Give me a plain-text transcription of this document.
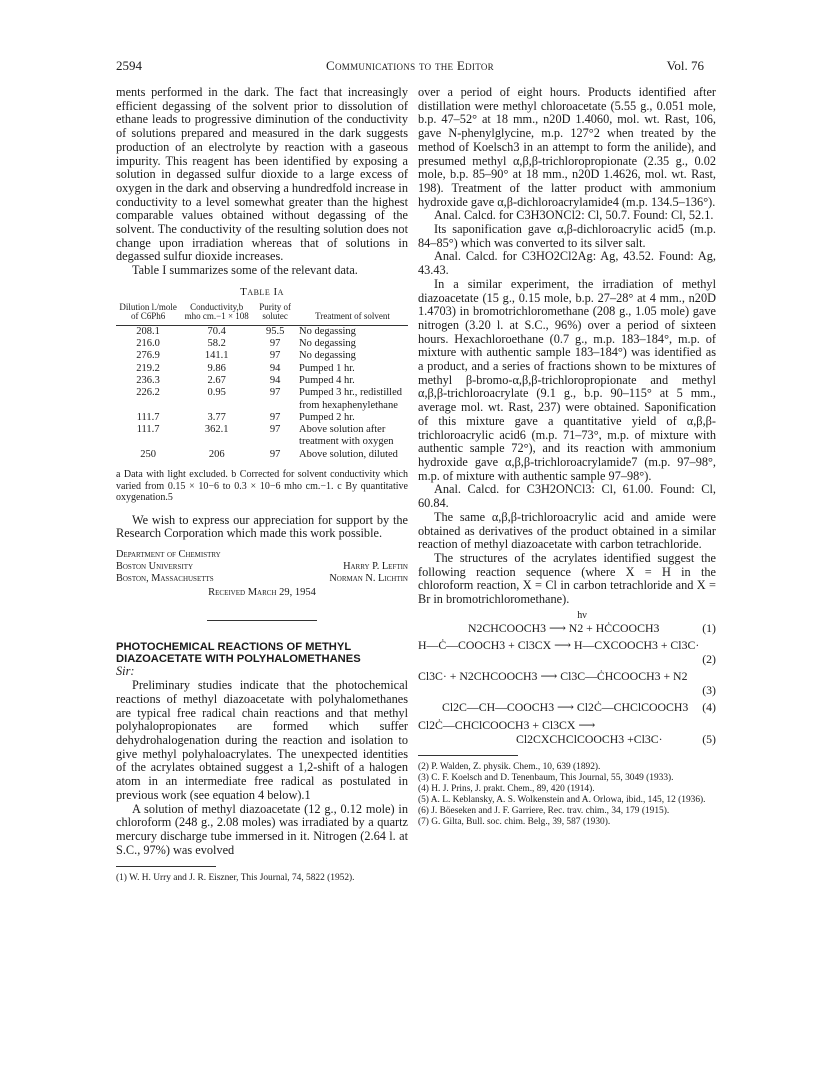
2594	Communications to the Editor	Vol. 76

ments performed in the dark. The fact that increasingly efficient degassing of the solvent prior to dissolution of ethane leads to progressive diminution of the conductivity of solutions prepared and measured in the dark suggests production of an electrolyte by reaction with a gaseous impurity. This reagent has been identified by exposing a solution in degassed sulfur dioxide to a large excess of oxygen in the dark and observing a hundredfold increase in conductivity to a level somewhat greater than the highest comparable values obtained without degassing of the solvent. The conductivity of the resulting solution does not change upon irradiation whereas that of solutions in degassed sulfur dioxide increases.

Table I summarizes some of the relevant data.

Table Ia
Dilution l./mole of C6Ph6	Conductivity,b mho cm.−1 × 108	Purity of solutec	Treatment of solvent
208.1	70.4	95.5	No degassing
216.0	58.2	97	No degassing
276.9	141.1	97	No degassing
219.2	9.86	94	Pumped 1 hr.
236.3	2.67	94	Pumped 4 hr.
226.2	0.95	97	Pumped 3 hr., redistilled from hexaphenylethane
111.7	3.77	97	Pumped 2 hr.
111.7	362.1	97	Above solution after treatment with oxygen
250	206	97	Above solution, diluted
a Data with light excluded. b Corrected for solvent conductivity which varied from 0.15 × 10−6 to 0.3 × 10−6 mho cm.−1. c By quantitative oxygenation.5

We wish to express our appreciation for support by the Research Corporation which made this work possible.

Department of Chemistry
Boston University	Harry P. Leftin
Boston, Massachusetts	Norman N. Lichtin
Received March 29, 1954
PHOTOCHEMICAL REACTIONS OF METHYL DIAZOACETATE WITH POLYHALOMETHANES
Sir:

Preliminary studies indicate that the photochemical reactions of methyl diazoacetate with polyhalomethanes are typical free radical chain reactions and that methyl polyhalopropionates are formed which suffer dehydrohalogenation during the reaction and isolation to give methyl polyhaloacrylates. The unexpected identities of the acrylates obtained suggest a 1,2-shift of a halogen atom in an intermediate free radical as postulated in previous work (see equation 4 below).1

A solution of methyl diazoacetate (12 g., 0.12 mole) in chloroform (248 g., 2.08 moles) was irradiated by a quartz mercury discharge tube immersed in it. Nitrogen (2.64 l. at S.C., 97%) was evolved

(1) W. H. Urry and J. R. Eiszner, This Journal, 74, 5822 (1952).

over a period of eight hours. Products identified after distillation were methyl chloroacetate (5.55 g., 0.051 mole, b.p. 47–52° at 18 mm., n20D 1.4060, mol. wt. Rast, 106, gave N-phenylglycine, m.p. 127°2 when treated by the method of Koelsch3 in an attempt to form the anilide), and presumed methyl α,β,β-trichloropropionate (2.35 g., 0.02 mole, b.p. 85–90° at 18 mm., n20D 1.4626, mol. wt. Rast, 198). Treatment of the latter product with ammonium hydroxide gave α,β-dichloroacrylamide4 (m.p. 134.5–136°).

Anal. Calcd. for C3H3ONCl2: Cl, 50.7. Found: Cl, 52.1.

Its saponification gave α,β-dichloroacrylic acid5 (m.p. 84–85°) which was converted to its silver salt.

Anal. Calcd. for C3HO2Cl2Ag: Ag, 43.52. Found: Ag, 43.43.

In a similar experiment, the irradiation of methyl diazoacetate (15 g., 0.15 mole, b.p. 27–28° at 4 mm., n20D 1.4703) in bromotrichloromethane (208 g., 1.05 mole) gave nitrogen (3.20 l. at S.C., 96%) over a period of sixteen hours. Hexachloroethane (0.7 g., m.p. 183–184°, m.p. of mixture with authentic sample 183–184°) was identified as a product, and a series of fractions shown to be mixtures of methyl β-bromo-α,β,β-trichloropropionate and methyl α,β,β-trichloroacrylate (9.1 g., b.p. 90–115° at 5 mm., average mol. wt. Rast, 237) were obtained. Saponification of this mixture gave a quantitative yield of α,β,β-trichloroacrylic acid6 (m.p. 71–73°, m.p. of mixture with authentic sample 72°), and its reaction with ammonium hydroxide gave α,β,β-trichloroacrylamide7 (m.p. 97–98°, m.p. of mixture with authentic sample 97–98°).

Anal. Calcd. for C3H2ONCl3: Cl, 61.00. Found: Cl, 60.84.

The same α,β,β-trichloroacrylic acid and amide were obtained as derivatives of the product obtained in a similar reaction of methyl diazoacetate with carbon tetrachloride.

The structures of the acrylates identified suggest the following reaction sequence (where X = H in the chloroform reaction, X = Cl in carbon tetrachloride and X = Br in bromotrichloromethane).

hν
N2CHCOOCH3 ⟶ N2 + HĊCOOCH3	(1)
H—Ċ—COOCH3 + Cl3CX ⟶ H—CXCOOCH3 + Cl3C·
(2)
Cl3C· + N2CHCOOCH3 ⟶ Cl3C—ĊHCOOCH3 + N2
(3)
Cl2C—CH—COOCH3 ⟶ Cl2Ċ—CHClCOOCH3 (4)
Cl2Ċ—CHClCOOCH3 + Cl3CX ⟶
Cl2CXCHClCOOCH3 +Cl3C·	(5)
(2) P. Walden, Z. physik. Chem., 10, 639 (1892).
(3) C. F. Koelsch and D. Tenenbaum, This Journal, 55, 3049 (1933).
(4) H. J. Prins, J. prakt. Chem., 89, 420 (1914).
(5) A. L. Keblansky, A. S. Wolkenstein and A. Orlowa, ibid., 145, 12 (1936).
(6) J. Böeseken and J. F. Garriere, Rec. trav. chim., 34, 179 (1915).
(7) G. Gilta, Bull. soc. chim. Belg., 39, 587 (1930).
